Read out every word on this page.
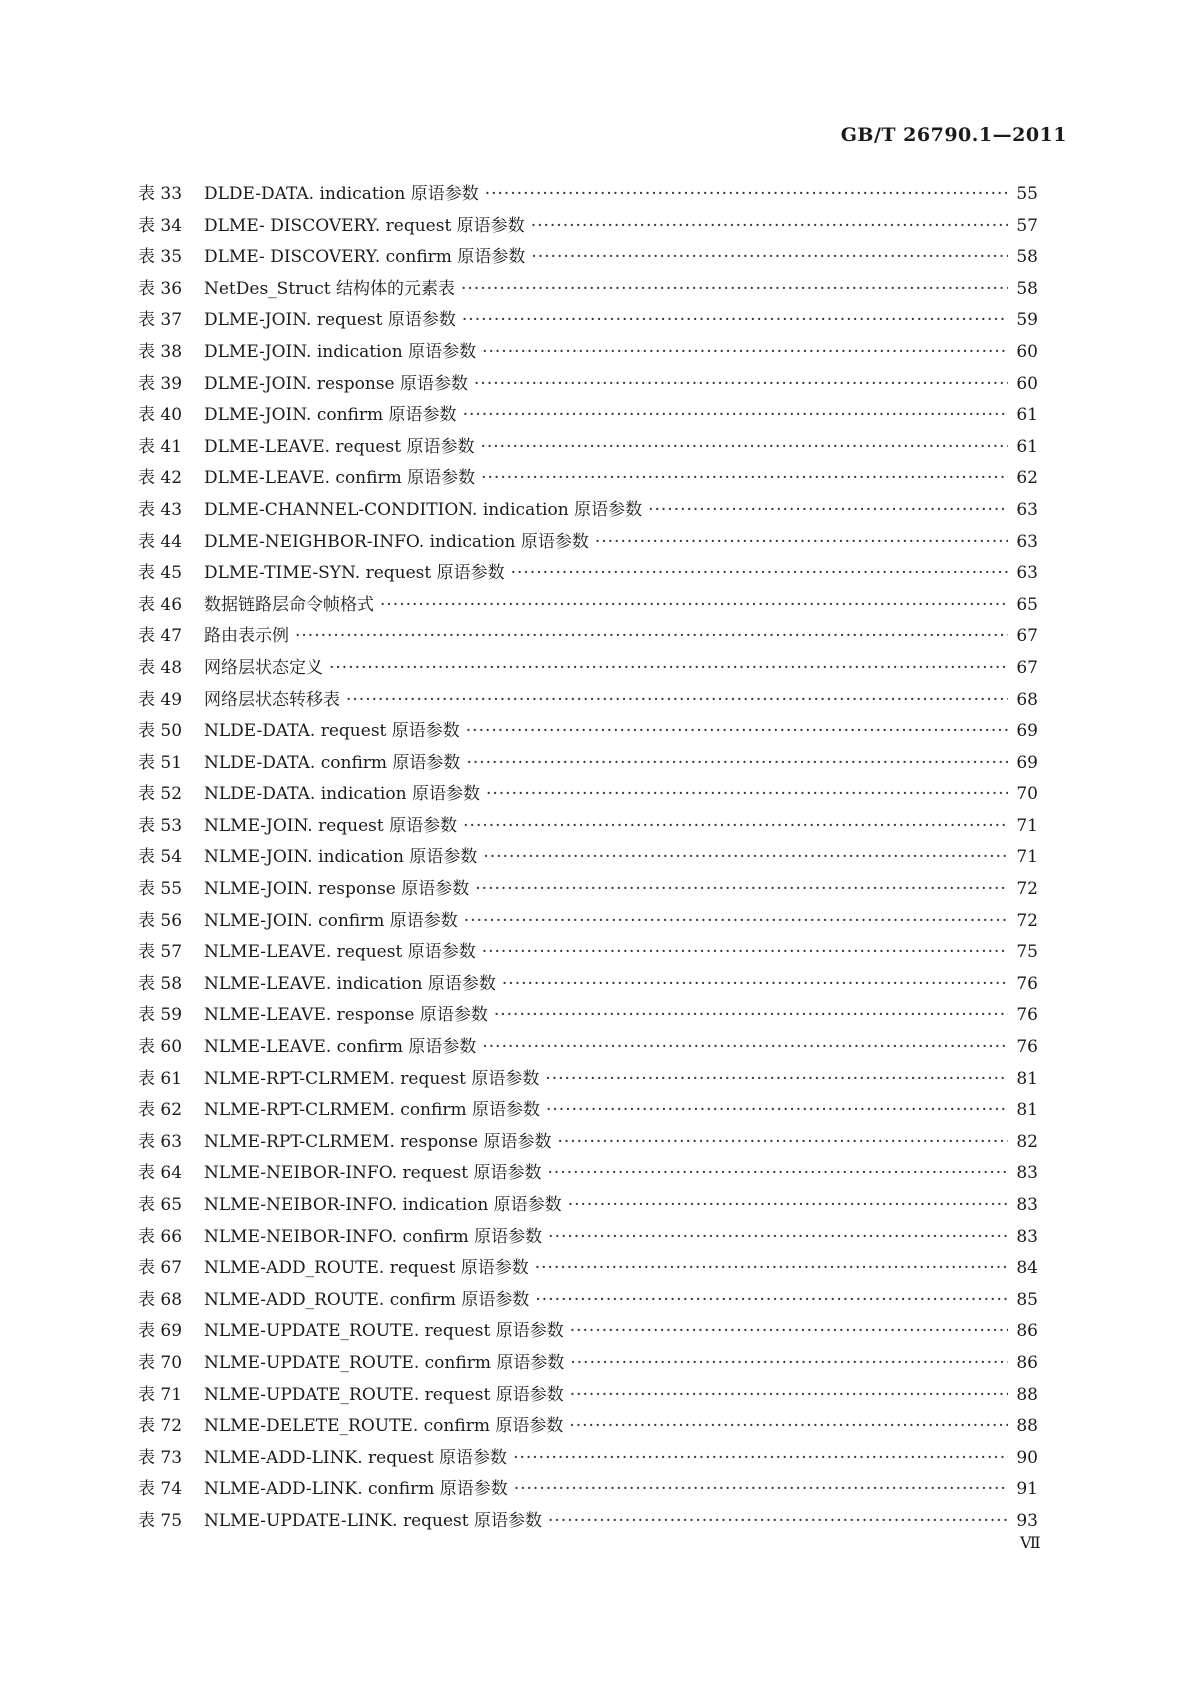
GB/T 26790.1—2011
表 33	DLDE-DATA. indication 原语参数 ·····	55
表 34	DLME- DISCOVERY. request 原语参数 ·····	57
表 35	DLME- DISCOVERY. confirm 原语参数 ·····	58
表 36	NetDes_Struct 结构体的元素表 ·····	58
表 37	DLME-JOIN. request 原语参数 ·····	59
表 38	DLME-JOIN. indication 原语参数 ·····	60
表 39	DLME-JOIN. response 原语参数 ·····	60
表 40	DLME-JOIN. confirm 原语参数 ·····	61
表 41	DLME-LEAVE. request 原语参数 ·····	61
表 42	DLME-LEAVE. confirm 原语参数 ·····	62
表 43	DLME-CHANNEL-CONDITION. indication 原语参数 ·····	63
表 44	DLME-NEIGHBOR-INFO. indication 原语参数 ·····	63
表 45	DLME-TIME-SYN. request 原语参数 ·····	63
表 46	数据链路层命令帧格式 ·····	65
表 47	路由表示例 ·····	67
表 48	网络层状态定义 ·····	67
表 49	网络层状态转移表 ·····	68
表 50	NLDE-DATA. request 原语参数 ·····	69
表 51	NLDE-DATA. confirm 原语参数 ·····	69
表 52	NLDE-DATA. indication 原语参数 ·····	70
表 53	NLME-JOIN. request 原语参数 ·····	71
表 54	NLME-JOIN. indication 原语参数 ·····	71
表 55	NLME-JOIN. response 原语参数 ·····	72
表 56	NLME-JOIN. confirm 原语参数 ·····	72
表 57	NLME-LEAVE. request 原语参数 ·····	75
表 58	NLME-LEAVE. indication 原语参数 ·····	76
表 59	NLME-LEAVE. response 原语参数 ·····	76
表 60	NLME-LEAVE. confirm 原语参数 ·····	76
表 61	NLME-RPT-CLRMEM. request 原语参数 ·····	81
表 62	NLME-RPT-CLRMEM. confirm 原语参数 ·····	81
表 63	NLME-RPT-CLRMEM. response 原语参数 ·····	82
表 64	NLME-NEIBOR-INFO. request 原语参数 ·····	83
表 65	NLME-NEIBOR-INFO. indication 原语参数 ·····	83
表 66	NLME-NEIBOR-INFO. confirm 原语参数 ·····	83
表 67	NLME-ADD_ROUTE. request 原语参数 ·····	84
表 68	NLME-ADD_ROUTE. confirm 原语参数 ·····	85
表 69	NLME-UPDATE_ROUTE. request 原语参数 ·····	86
表 70	NLME-UPDATE_ROUTE. confirm 原语参数 ·····	86
表 71	NLME-UPDATE_ROUTE. request 原语参数 ·····	88
表 72	NLME-DELETE_ROUTE. confirm 原语参数 ·····	88
表 73	NLME-ADD-LINK. request 原语参数 ·····	90
表 74	NLME-ADD-LINK. confirm 原语参数 ·····	91
表 75	NLME-UPDATE-LINK. request 原语参数 ·····	93
Ⅶ
